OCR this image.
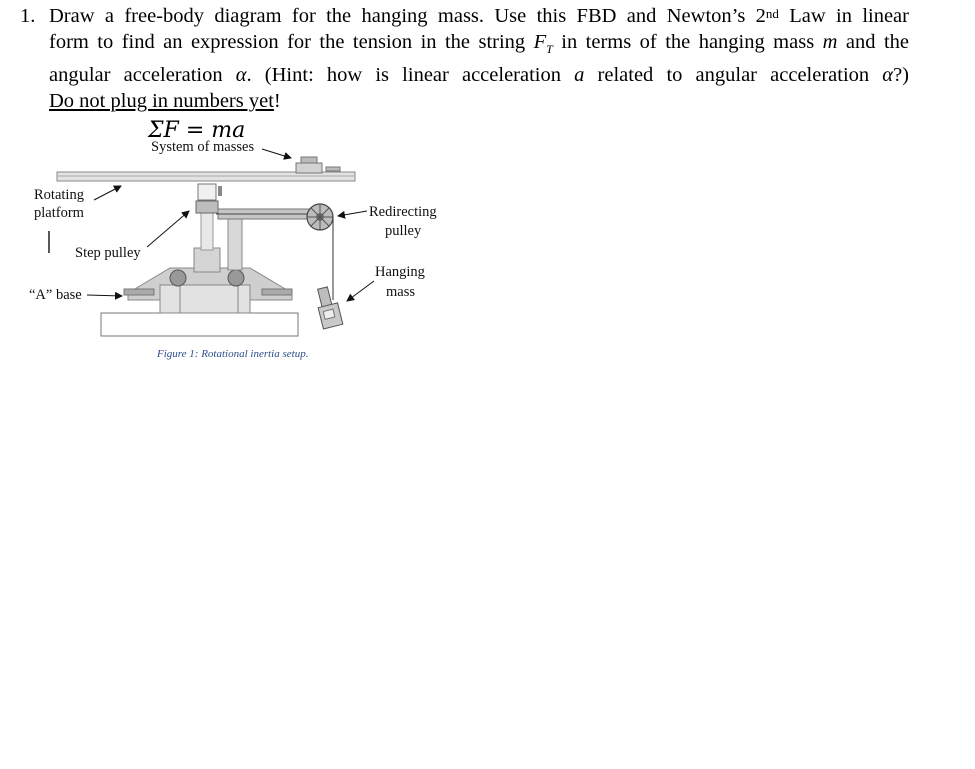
1. Draw a free-body diagram for the hanging mass. Use this FBD and Newton’s 2nd Law in linear
form to find an expression for the tension in the string $F_T$ in terms of the hanging mass m and the
angular acceleration α. (Hint: how is linear acceleration a related to angular acceleration α?)
Do not plug in numbers yet!
ΣF = ma
System of masses
Rotating
platform
Step pulley
“A” base
Redirecting
pulley
Hanging
mass
Figure 1: Rotational inertia setup.
